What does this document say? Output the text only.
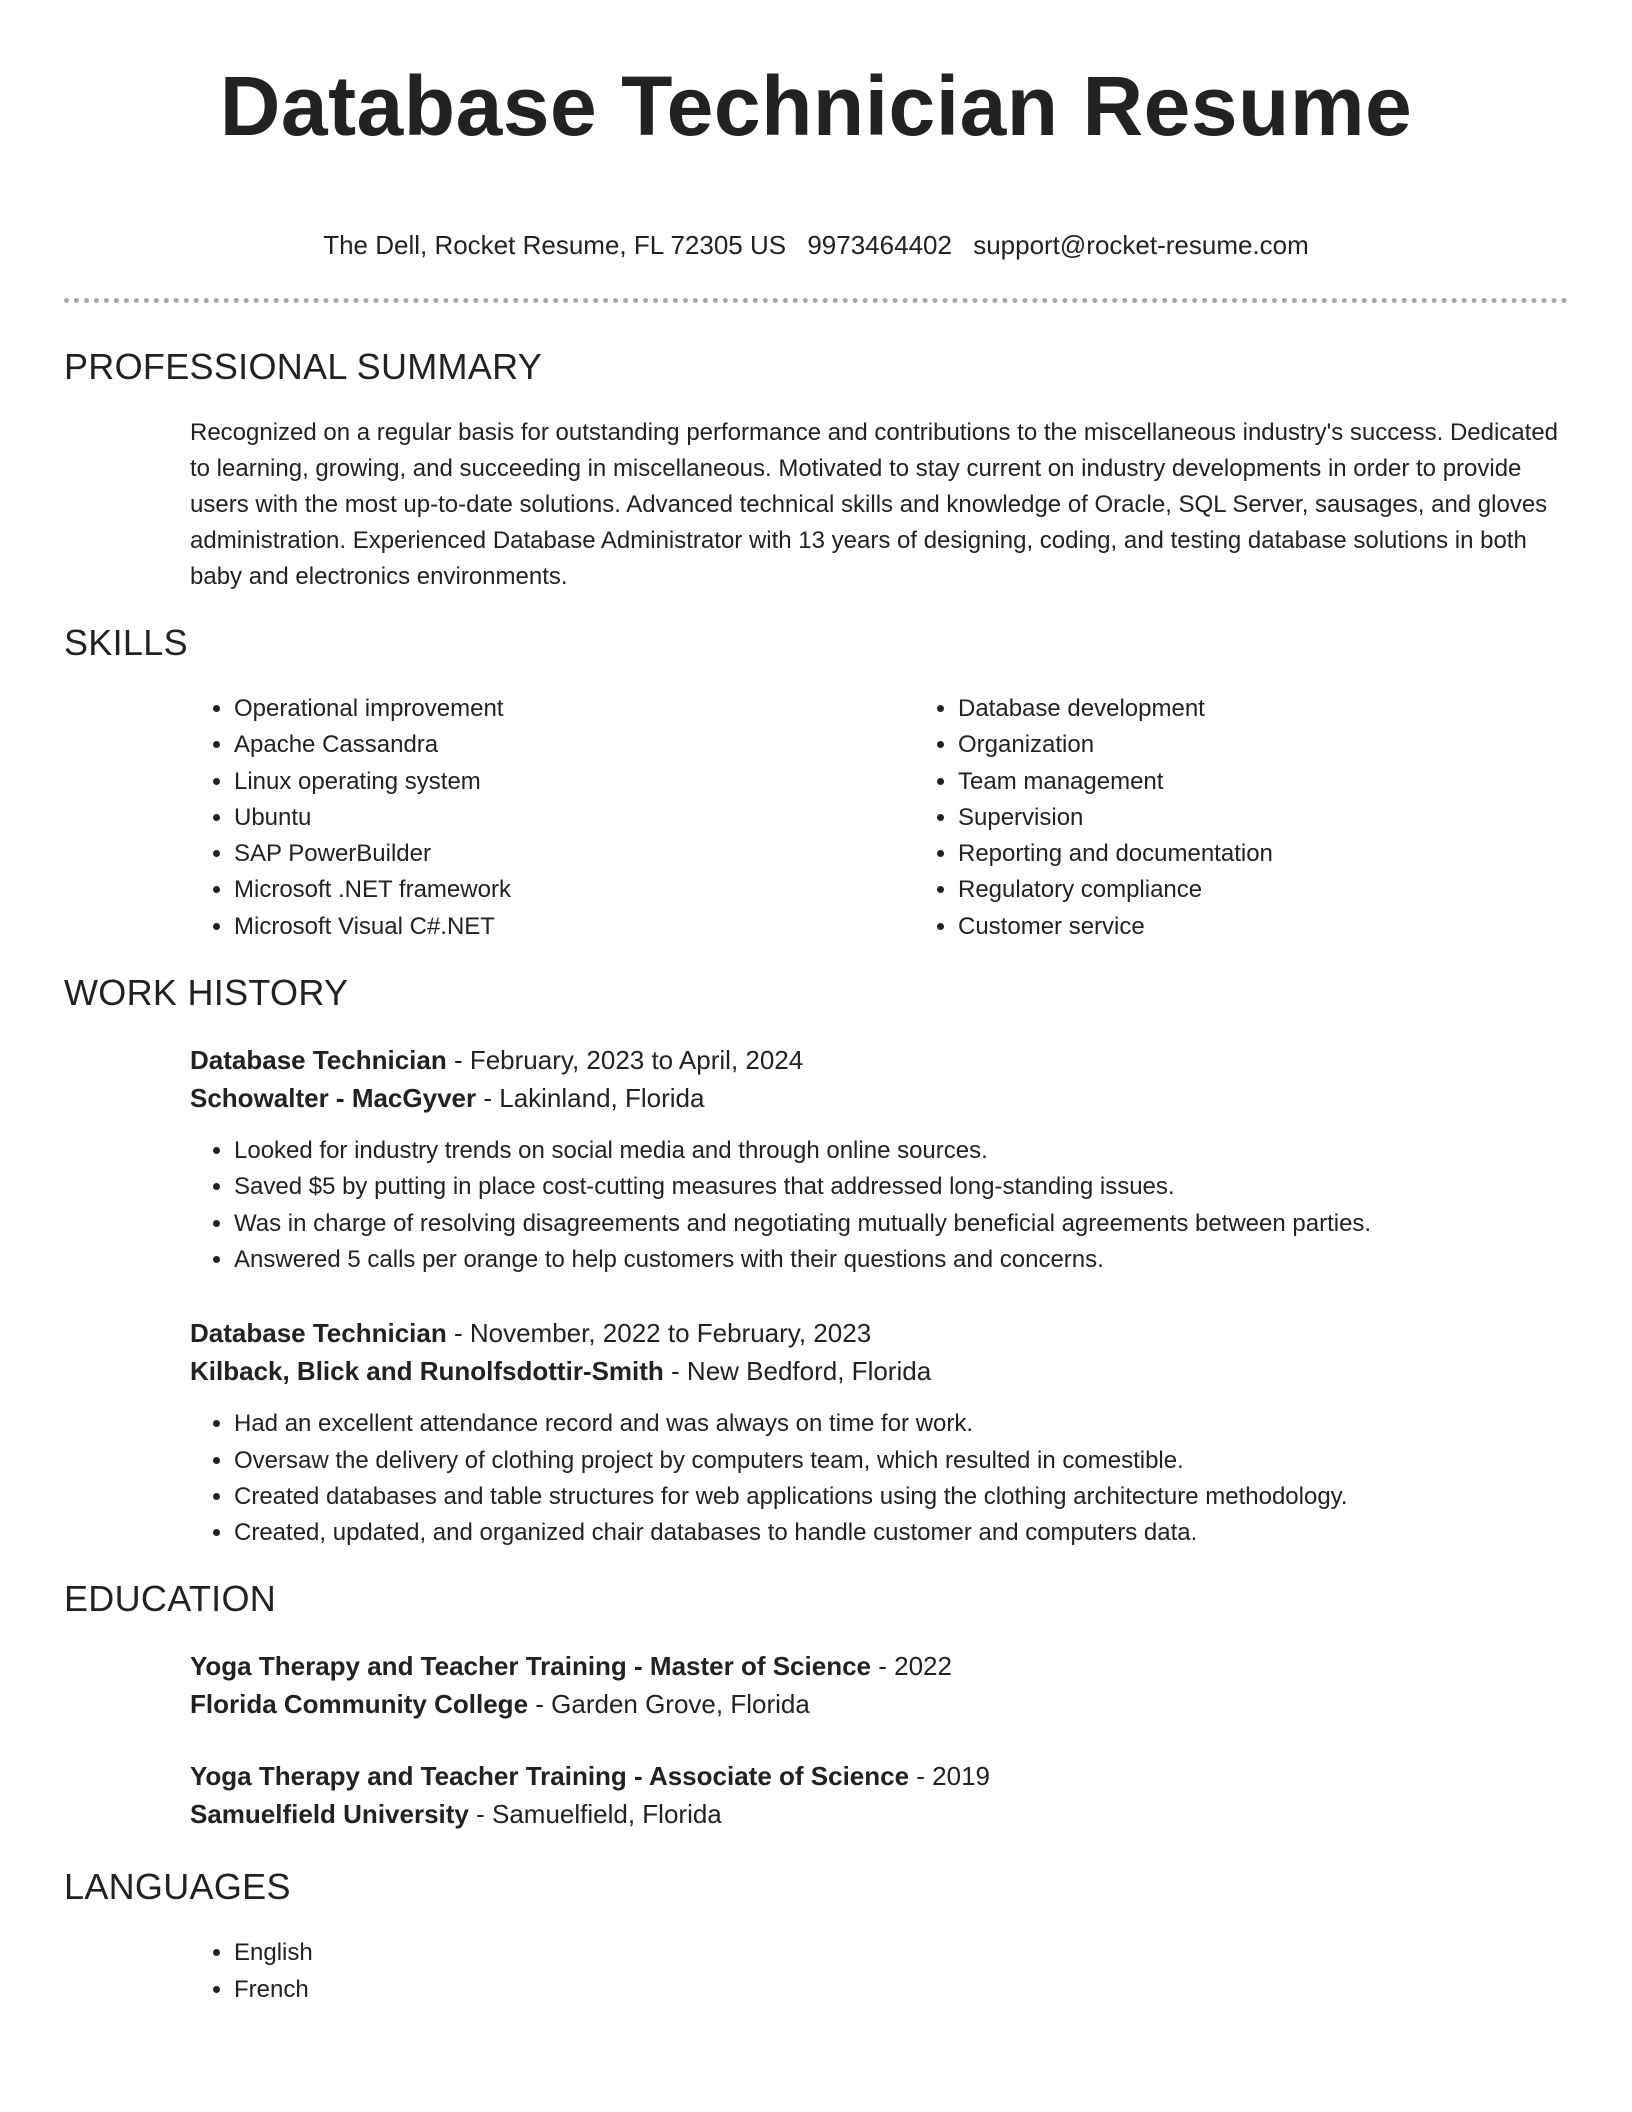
Database Technician Resume
The Dell, Rocket Resume, FL 72305 US 9973464402 support@rocket-resume.com
PROFESSIONAL SUMMARY
Recognized on a regular basis for outstanding performance and contributions to the miscellaneous industry's success. Dedicated to learning, growing, and succeeding in miscellaneous. Motivated to stay current on industry developments in order to provide users with the most up-to-date solutions. Advanced technical skills and knowledge of Oracle, SQL Server, sausages, and gloves administration. Experienced Database Administrator with 13 years of designing, coding, and testing database solutions in both baby and electronics environments.
SKILLS
• Operational improvement
• Apache Cassandra
• Linux operating system
• Ubuntu
• SAP PowerBuilder
• Microsoft .NET framework
• Microsoft Visual C#.NET
• Database development
• Organization
• Team management
• Supervision
• Reporting and documentation
• Regulatory compliance
• Customer service
WORK HISTORY
Database Technician - February, 2023 to April, 2024
Schowalter - MacGyver - Lakinland, Florida
• Looked for industry trends on social media and through online sources.
• Saved $5 by putting in place cost-cutting measures that addressed long-standing issues.
• Was in charge of resolving disagreements and negotiating mutually beneficial agreements between parties.
• Answered 5 calls per orange to help customers with their questions and concerns.
Database Technician - November, 2022 to February, 2023
Kilback, Blick and Runolfsdottir-Smith - New Bedford, Florida
• Had an excellent attendance record and was always on time for work.
• Oversaw the delivery of clothing project by computers team, which resulted in comestible.
• Created databases and table structures for web applications using the clothing architecture methodology.
• Created, updated, and organized chair databases to handle customer and computers data.
EDUCATION
Yoga Therapy and Teacher Training - Master of Science - 2022
Florida Community College - Garden Grove, Florida
Yoga Therapy and Teacher Training - Associate of Science - 2019
Samuelfield University - Samuelfield, Florida
LANGUAGES
• English
• French
